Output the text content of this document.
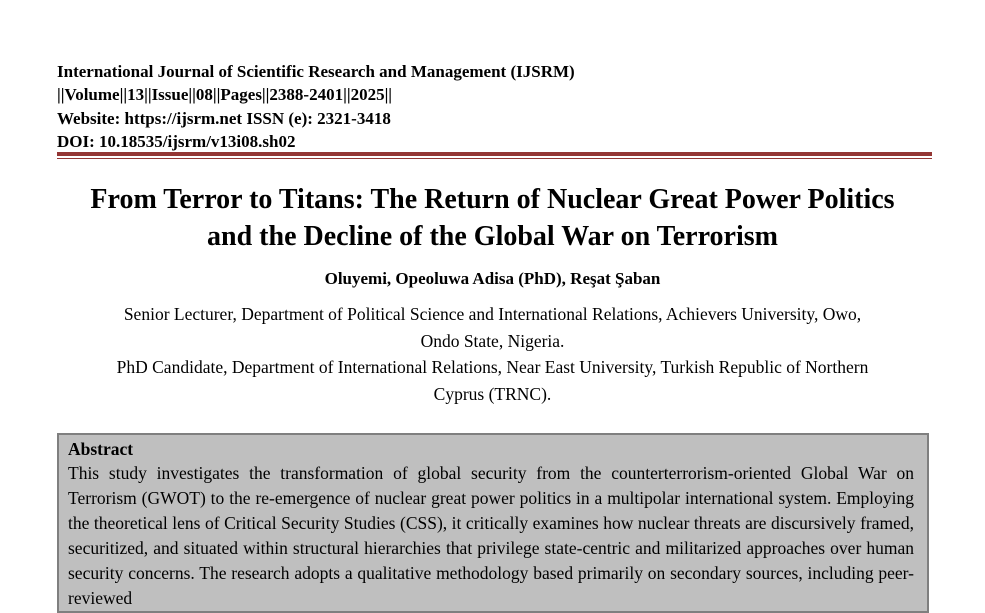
International Journal of Scientific Research and Management (IJSRM)
||Volume||13||Issue||08||Pages||2388-2401||2025||
Website: https://ijsrm.net ISSN (e): 2321-3418
DOI: 10.18535/ijsrm/v13i08.sh02
From Terror to Titans: The Return of Nuclear Great Power Politics
and the Decline of the Global War on Terrorism
Oluyemi, Opeoluwa Adisa (PhD), Reşat Şaban
Senior Lecturer, Department of Political Science and International Relations, Achievers University, Owo,
Ondo State, Nigeria.
PhD Candidate, Department of International Relations, Near East University, Turkish Republic of Northern
Cyprus (TRNC).
Abstract
This study investigates the transformation of global security from the counterterrorism-oriented Global War on Terrorism (GWOT) to the re-emergence of nuclear great power politics in a multipolar international system. Employing the theoretical lens of Critical Security Studies (CSS), it critically examines how nuclear threats are discursively framed, securitized, and situated within structural hierarchies that privilege state-centric and militarized approaches over human security concerns. The research adopts a qualitative methodology based primarily on secondary sources, including peer-reviewed
